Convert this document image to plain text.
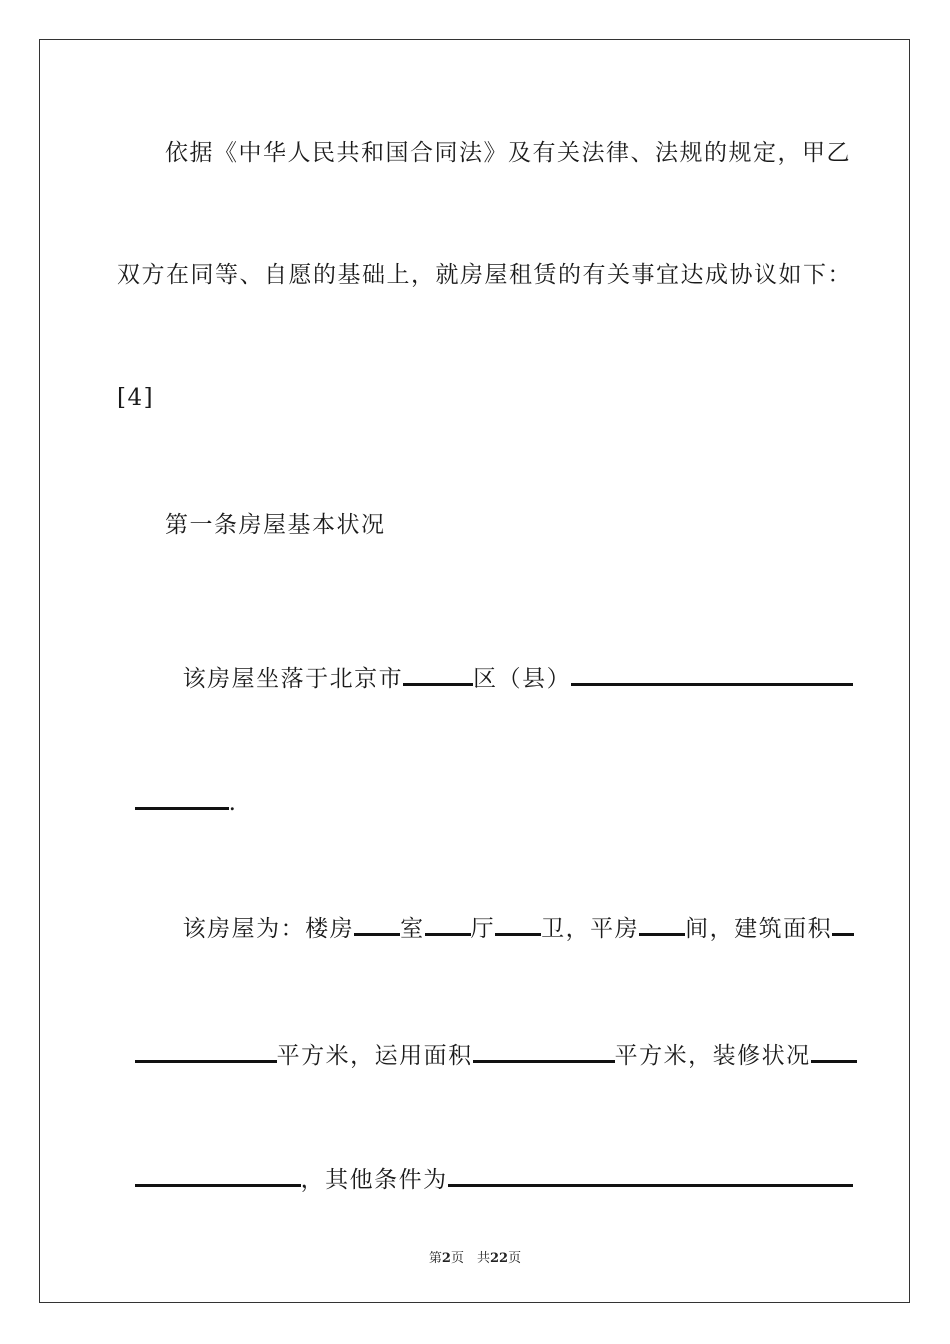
依据《中华人民共和国合同法》及有关法律、法规的规定，甲乙
双方在同等、自愿的基础上，就房屋租赁的有关事宜达成协议如下：
[4]
第一条房屋基本状况

该房屋坐落于北京市	区（县）

.

该房屋为：楼房 室 厅 卫，平房 间，建筑面积

平方米，运用面积	平方米，装修状况

，其他条件为

第2页　共22页
